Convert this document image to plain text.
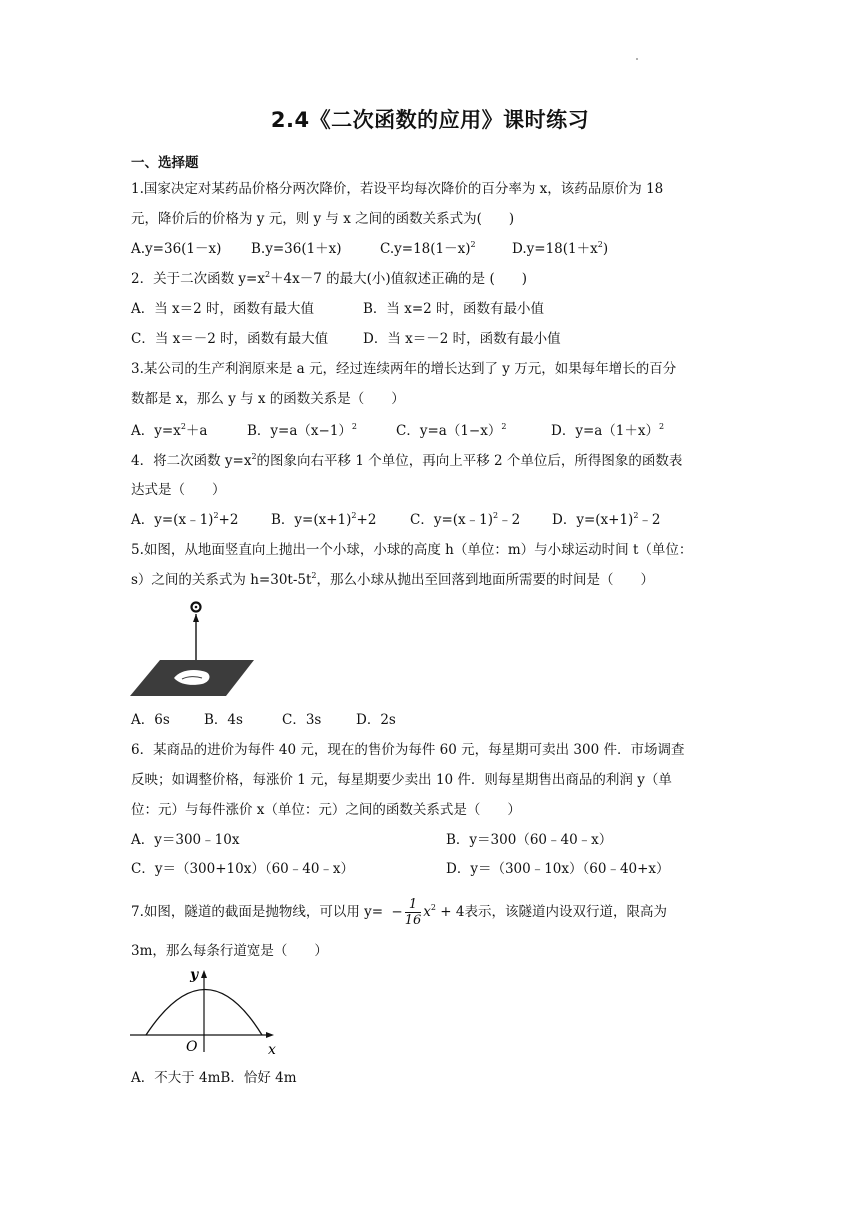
2.4《二次函数的应用》课时练习
一、选择题
1.国家决定对某药品价格分两次降价，若设平均每次降价的百分率为 x，该药品原价为 18
元，降价后的价格为 y 元，则 y 与 x 之间的函数关系式为(　　)
A.y=36(1－x) B.y=36(1＋x)	$C.y=18(1-x)^2$	$D.y=18(1+x^2)$
2．关于二次函数 $y=x^2+4x-7$ 的最大(小)值叙述正确的是 (　　)
A．当 x＝2 时，函数有最大值	B．当 x=2 时，函数有最小值
C．当 x＝－2 时，函数有最大值	D．当 x＝－2 时，函数有最小值
3.某公司的生产利润原来是 a 元，经过连续两年的增长达到了 y 万元，如果每年增长的百分
数都是 x，那么 y 与 x 的函数关系是（　　）
A．$y=x^2+a$	B．$y=a(x-1)^2$	C．$y=a(1-x)^2$	D．$y=a(1+x)^2$
4．将二次函数 $y=x^2$的图象向右平移 1 个单位，再向上平移 2 个单位后，所得图象的函数表
达式是（　　）
A．y=(x﹣1)$^2$+2 B．$y=(x+1)^2+2$ C．y=(x﹣1)$^2$﹣2 D．$y=(x+1)^2﹣2$
5.如图，从地面竖直向上抛出一个小球，小球的高度 h（单位：m）与小球运动时间 t（单位：
s）之间的关系式为 $h=30t-5t^2$，那么小球从抛出至回落到地面所需要的时间是（　　）
A．6s	B．4s	C．3s	D．2s
6．某商品的进价为每件 40 元，现在的售价为每件 60 元，每星期可卖出 300 件．市场调查
反映；如调整价格，每涨价 1 元，每星期要少卖出 10 件．则每星期售出商品的利润 y（单
位：元）与每件涨价 x（单位：元）之间的函数关系式是（　　）
A．y＝300﹣10x	B．y＝300（60﹣40﹣x）
C．y＝（300+10x）（60﹣40﹣x）	D．y＝（300﹣10x）（60﹣40+x）
7.如图，隧道的截面是抛物线，可以用 $y= - \frac{1}{16} x^2 + 4$表示，该隧道内设双行道，限高为
3m，那么每条行道宽是（　　）
y
x
O
A．不大于 4mB．恰好 4m
